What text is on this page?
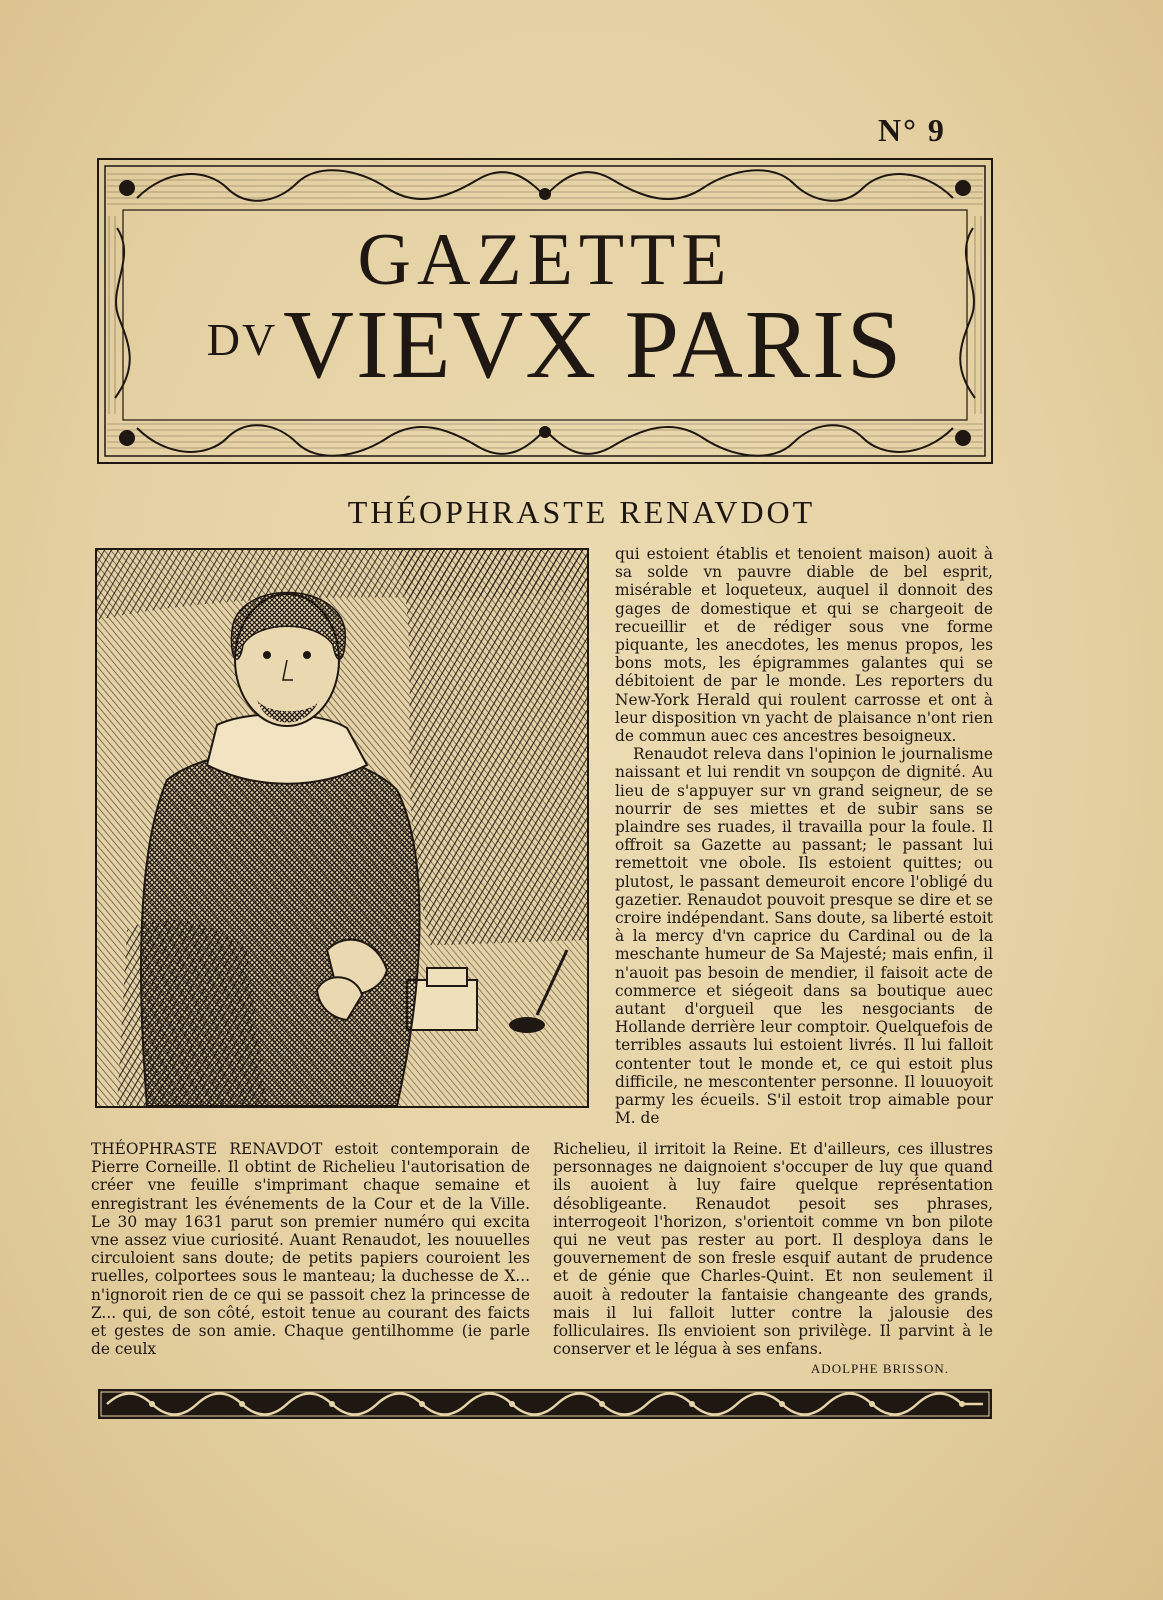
N° 9
GAZETTE
DVVIEVX PARIS
THÉOPHRASTE RENAVDOT

qui estoient établis et tenoient maison) auoit à sa solde vn pauvre diable de bel esprit, misérable et loqueteux, auquel il donnoit des gages de domestique et qui se chargeoit de recueillir et de rédiger sous vne forme piquante, les anecdotes, les menus propos, les bons mots, les épigrammes galantes qui se débitoient de par le monde. Les reporters du New-York Herald qui roulent carrosse et ont à leur disposition vn yacht de plaisance n'ont rien de commun auec ces ancestres besoigneux.

Renaudot releva dans l'opinion le journalisme naissant et lui rendit vn soupçon de dignité. Au lieu de s'appuyer sur vn grand seigneur, de se nourrir de ses miettes et de subir sans se plaindre ses ruades, il travailla pour la foule. Il offroit sa Gazette au passant; le passant lui remettoit vne obole. Ils estoient quittes; ou plutost, le passant demeuroit encore l'obligé du gazetier. Renaudot pouvoit presque se dire et se croire indépendant. Sans doute, sa liberté estoit à la mercy d'vn caprice du Cardinal ou de la meschante humeur de Sa Majesté; mais enfin, il n'auoit pas besoin de mendier, il faisoit acte de commerce et siégeoit dans sa boutique auec autant d'orgueil que les nesgociants de Hollande derrière leur comptoir. Quelquefois de terribles assauts lui estoient livrés. Il lui falloit contenter tout le monde et, ce qui estoit plus difficile, ne mescontenter personne. Il louuoyoit parmy les écueils. S'il estoit trop aimable pour M. de

THÉOPHRASTE RENAVDOT estoit contemporain de Pierre Corneille. Il obtint de Richelieu l'autorisation de créer vne feuille s'imprimant chaque semaine et enregistrant les événements de la Cour et de la Ville. Le 30 may 1631 parut son premier numéro qui excita vne assez viue curiosité. Auant Renaudot, les nouuelles circuloient sans doute; de petits papiers couroient les ruelles, colportees sous le manteau; la duchesse de X... n'ignoroit rien de ce qui se passoit chez la princesse de Z... qui, de son côté, estoit tenue au courant des faicts et gestes de son amie. Chaque gentilhomme (ie parle de ceulx

Richelieu, il irritoit la Reine. Et d'ailleurs, ces illustres personnages ne daignoient s'occuper de luy que quand ils auoient à luy faire quelque représentation désobligeante. Renaudot pesoit ses phrases, interrogeoit l'horizon, s'orientoit comme vn bon pilote qui ne veut pas rester au port. Il desploya dans le gouvernement de son fresle esquif autant de prudence et de génie que Charles-Quint. Et non seulement il auoit à redouter la fantaisie changeante des grands, mais il lui falloit lutter contre la jalousie des folliculaires. Ils envioient son privilège. Il parvint à le conserver et le légua à ses enfans.

ADOLPHE BRISSON.
